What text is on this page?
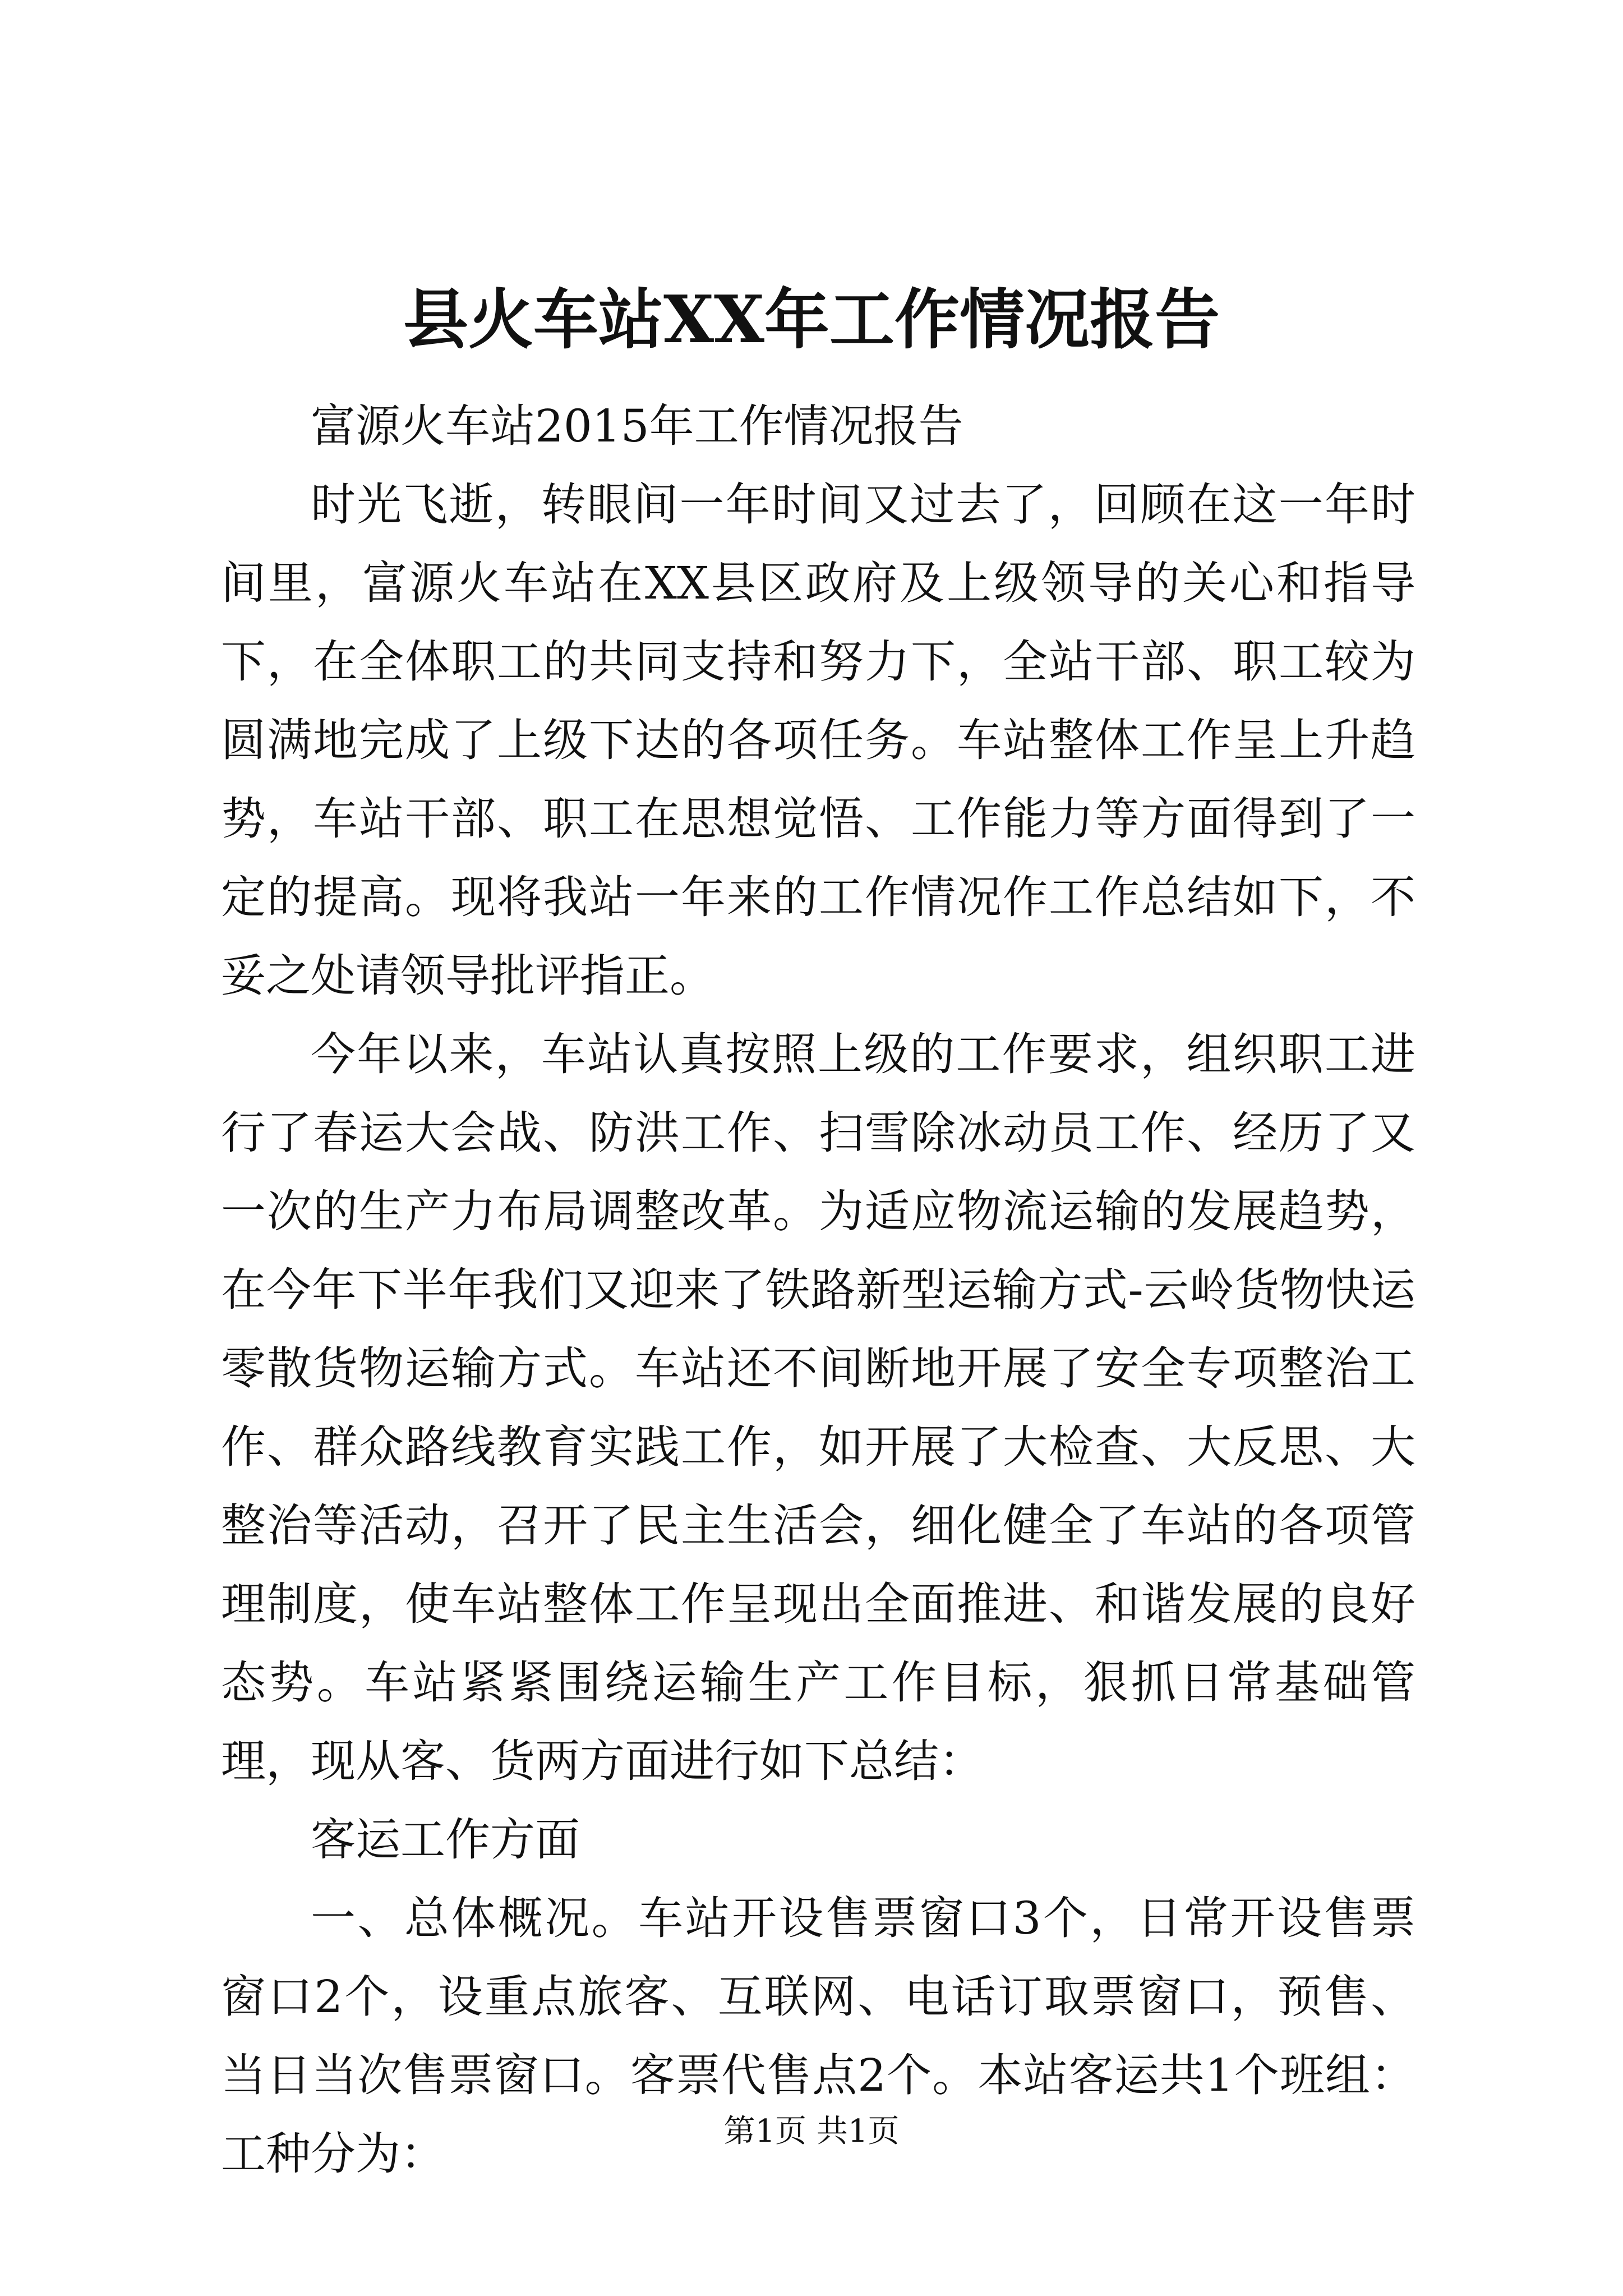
县火车站XX年工作情况报告

富源火车站2015年工作情况报告

时光飞逝，转眼间一年时间又过去了，回顾在这一年时间里，富源火车站在XX县区政府及上级领导的关心和指导下，在全体职工的共同支持和努力下，全站干部、职工较为圆满地完成了上级下达的各项任务。车站整体工作呈上升趋势，车站干部、职工在思想觉悟、工作能力等方面得到了一定的提高。现将我站一年来的工作情况作工作总结如下，不妥之处请领导批评指正。

今年以来，车站认真按照上级的工作要求，组织职工进行了春运大会战、防洪工作、扫雪除冰动员工作、经历了又一次的生产力布局调整改革。为适应物流运输的发展趋势，在今年下半年我们又迎来了铁路新型运输方式-云岭货物快运零散货物运输方式。车站还不间断地开展了安全专项整治工作、群众路线教育实践工作，如开展了大检查、大反思、大整治等活动，召开了民主生活会，细化健全了车站的各项管理制度，使车站整体工作呈现出全面推进、和谐发展的良好态势。车站紧紧围绕运输生产工作目标，狠抓日常基础管理，现从客、货两方面进行如下总结：

客运工作方面

一、总体概况。车站开设售票窗口3个，日常开设售票窗口2个，设重点旅客、互联网、电话订取票窗口，预售、当日当次售票窗口。客票代售点2个。本站客运共1个班组：工种分为：	第1页 共1页
